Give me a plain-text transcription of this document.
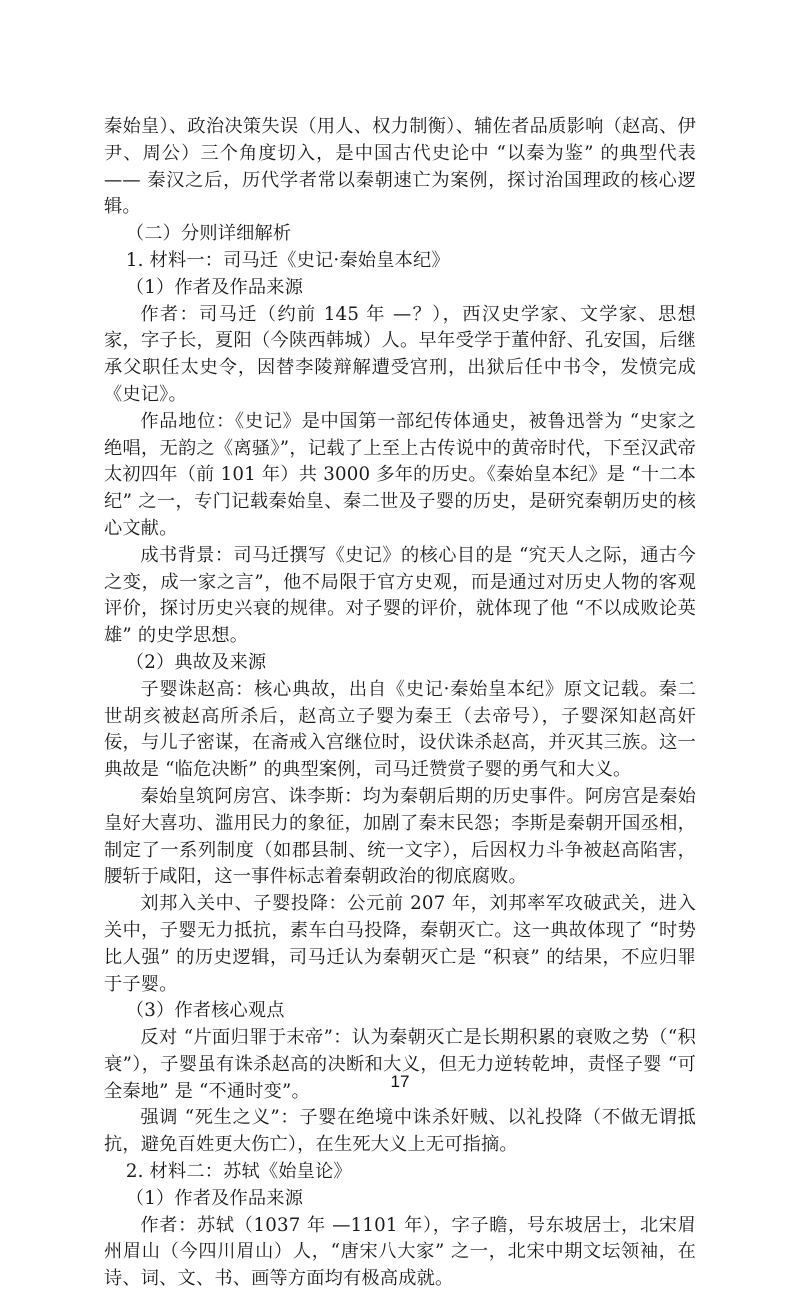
秦始皇）、政治决策失误（用人、权力制衡）、辅佐者品质影响（赵高、伊尹、周公）三个角度切入，是中国古代史论中 “以秦为鉴” 的典型代表 —— 秦汉之后，历代学者常以秦朝速亡为案例，探讨治国理政的核心逻辑。

（二）分则详细解析

1. 材料一：司马迁《史记·秦始皇本纪》

（1）作者及作品来源

作者：司马迁（约前 145 年 —？），西汉史学家、文学家、思想家，字子长，夏阳（今陕西韩城）人。早年受学于董仲舒、孔安国，后继承父职任太史令，因替李陵辩解遭受宫刑，出狱后任中书令，发愤完成《史记》。

作品地位：《史记》是中国第一部纪传体通史，被鲁迅誉为 “史家之绝唱，无韵之《离骚》”，记载了上至上古传说中的黄帝时代，下至汉武帝太初四年（前 101 年）共 3000 多年的历史。《秦始皇本纪》是 “十二本纪” 之一，专门记载秦始皇、秦二世及子婴的历史，是研究秦朝历史的核心文献。

成书背景：司马迁撰写《史记》的核心目的是 “究天人之际，通古今之变，成一家之言”，他不局限于官方史观，而是通过对历史人物的客观评价，探讨历史兴衰的规律。对子婴的评价，就体现了他 “不以成败论英雄” 的史学思想。

（2）典故及来源

子婴诛赵高：核心典故，出自《史记·秦始皇本纪》原文记载。秦二世胡亥被赵高所杀后，赵高立子婴为秦王（去帝号），子婴深知赵高奸佞，与儿子密谋，在斋戒入宫继位时，设伏诛杀赵高，并灭其三族。这一典故是 “临危决断” 的典型案例，司马迁赞赏子婴的勇气和大义。

秦始皇筑阿房宫、诛李斯：均为秦朝后期的历史事件。阿房宫是秦始皇好大喜功、滥用民力的象征，加剧了秦末民怨；李斯是秦朝开国丞相，制定了一系列制度（如郡县制、统一文字），后因权力斗争被赵高陷害，腰斩于咸阳，这一事件标志着秦朝政治的彻底腐败。

刘邦入关中、子婴投降：公元前 207 年，刘邦率军攻破武关，进入关中，子婴无力抵抗，素车白马投降，秦朝灭亡。这一典故体现了 “时势比人强” 的历史逻辑，司马迁认为秦朝灭亡是 “积衰” 的结果，不应归罪于子婴。

（3）作者核心观点

反对 “片面归罪于末帝”：认为秦朝灭亡是长期积累的衰败之势（“积衰”），子婴虽有诛杀赵高的决断和大义，但无力逆转乾坤，责怪子婴 “可全秦地” 是 “不通时变”。

强调 “死生之义”：子婴在绝境中诛杀奸贼、以礼投降（不做无谓抵抗，避免百姓更大伤亡），在生死大义上无可指摘。

2. 材料二：苏轼《始皇论》

（1）作者及作品来源

作者：苏轼（1037 年 —1101 年），字子瞻，号东坡居士，北宋眉州眉山（今四川眉山）人，“唐宋八大家” 之一，北宋中期文坛领袖，在诗、词、文、书、画等方面均有极高成就。

17
